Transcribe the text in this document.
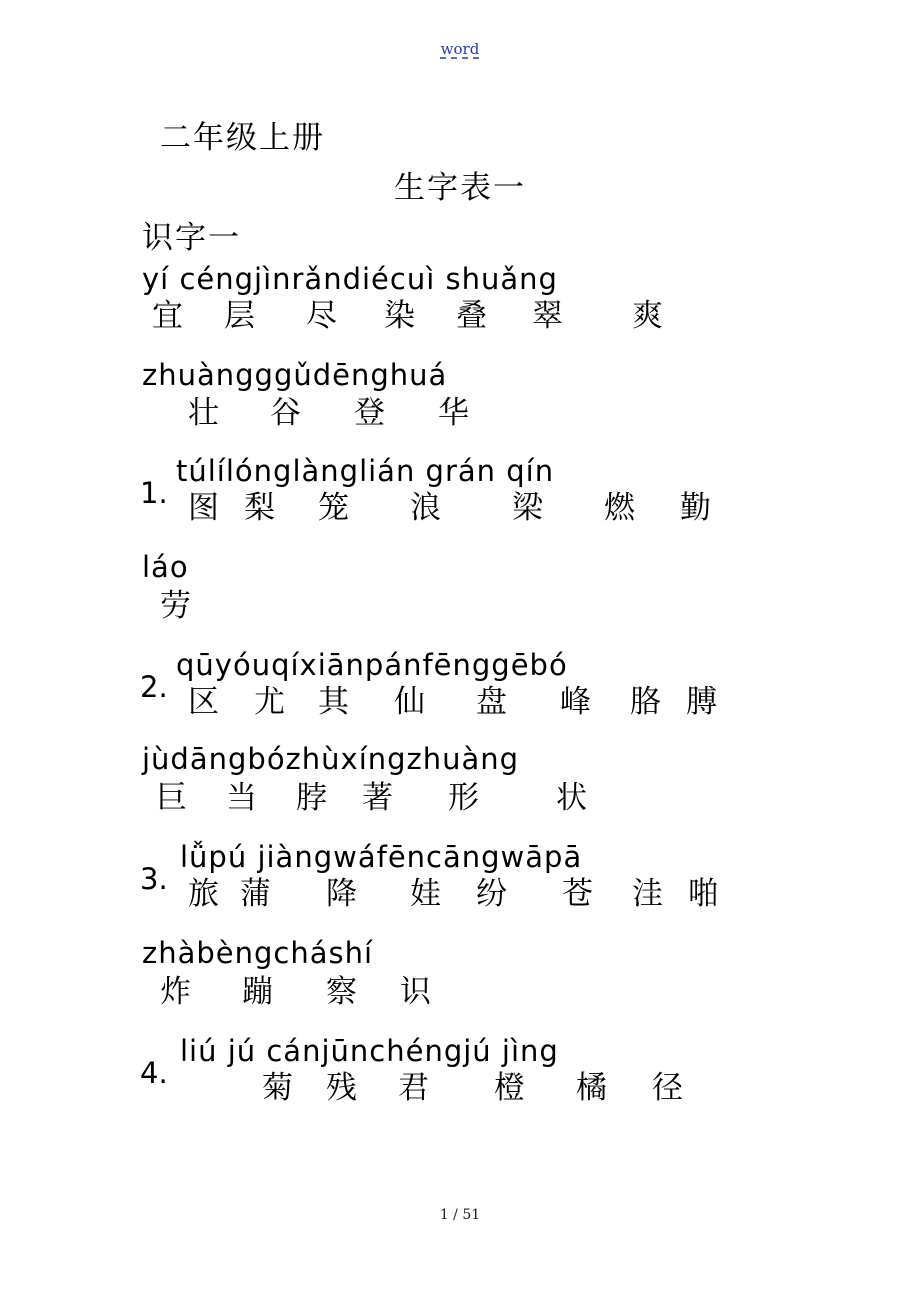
word
二年级上册
生字表一
识字一
yí céngjìnrǎndiécuì shuǎng
宜 层 尽 染 叠 翠 爽
zhuàngggǔdēnghuá
壮 谷 登 华
1.
túlílónglànglián grán qín
图 梨 笼 浪 梁 燃 勤
láo
劳
2.
qūyóuqíxiānpánfēnggēbó
区 尤 其 仙 盘 峰 胳 膊
jùdāngbózhùxíngzhuàng
巨 当 脖 著 形 状
3.
lǚpú jiàngwáfēncāngwāpā
旅 蒲 降 娃 纷 苍 洼 啪
zhàbèngcháshí
炸 蹦 察 识
4.
liú jú cánjūnchéngjú jìng
菊 残 君 橙 橘 径
1 / 51
